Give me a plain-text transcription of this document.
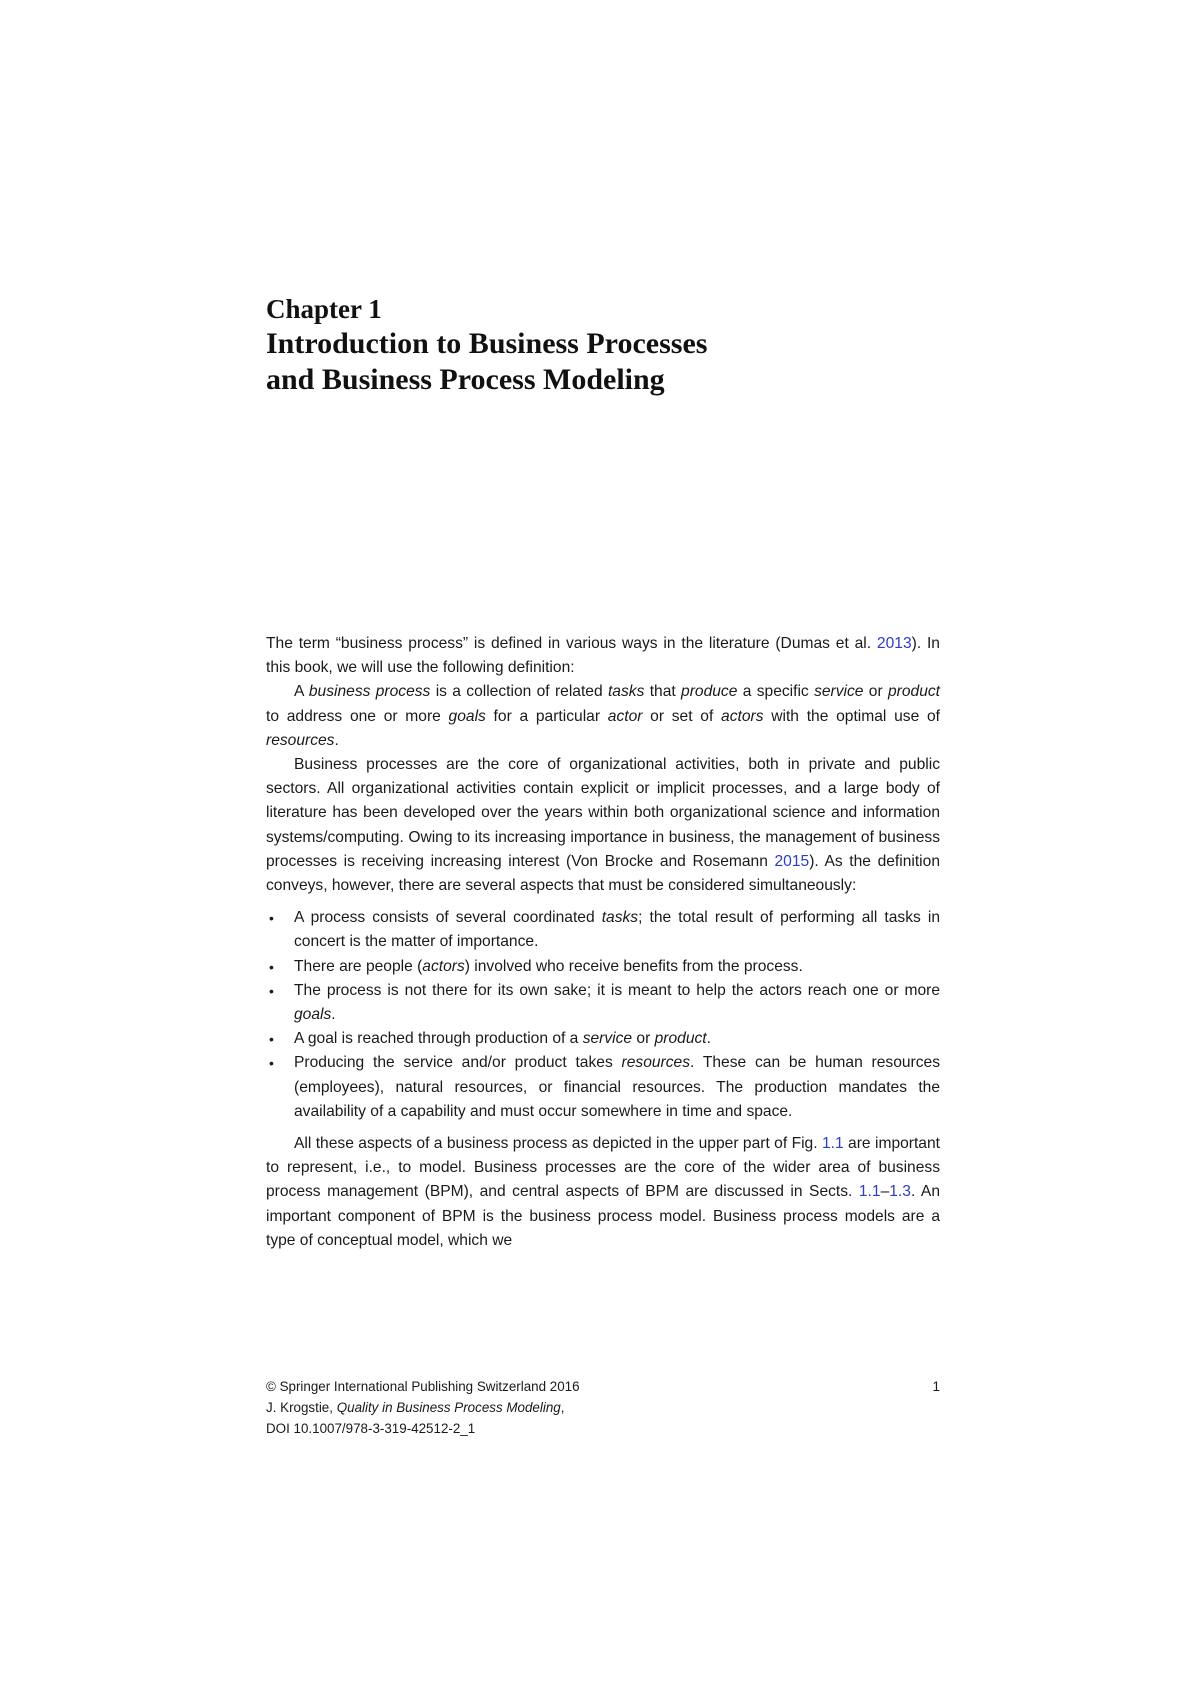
Chapter 1
Introduction to Business Processes
and Business Process Modeling

The term “business process” is defined in various ways in the literature (Dumas et al. 2013). In this book, we will use the following definition:

A business process is a collection of related tasks that produce a specific service or product to address one or more goals for a particular actor or set of actors with the optimal use of resources.

Business processes are the core of organizational activities, both in private and public sectors. All organizational activities contain explicit or implicit processes, and a large body of literature has been developed over the years within both organizational science and information systems/computing. Owing to its increasing importance in business, the management of business processes is receiving increasing interest (Von Brocke and Rosemann 2015). As the definition conveys, however, there are several aspects that must be considered simultaneously:

• A process consists of several coordinated tasks; the total result of performing all tasks in concert is the matter of importance.
• There are people (actors) involved who receive benefits from the process.
• The process is not there for its own sake; it is meant to help the actors reach one or more goals.
• A goal is reached through production of a service or product.
• Producing the service and/or product takes resources. These can be human resources (employees), natural resources, or financial resources. The production mandates the availability of a capability and must occur somewhere in time and space.

All these aspects of a business process as depicted in the upper part of Fig. 1.1 are important to represent, i.e., to model. Business processes are the core of the wider area of business process management (BPM), and central aspects of BPM are discussed in Sects. 1.1–1.3. An important component of BPM is the business process model. Business process models are a type of conceptual model, which we

© Springer International Publishing Switzerland 2016	1
J. Krogstie, Quality in Business Process Modeling,
DOI 10.1007/978-3-319-42512-2_1
